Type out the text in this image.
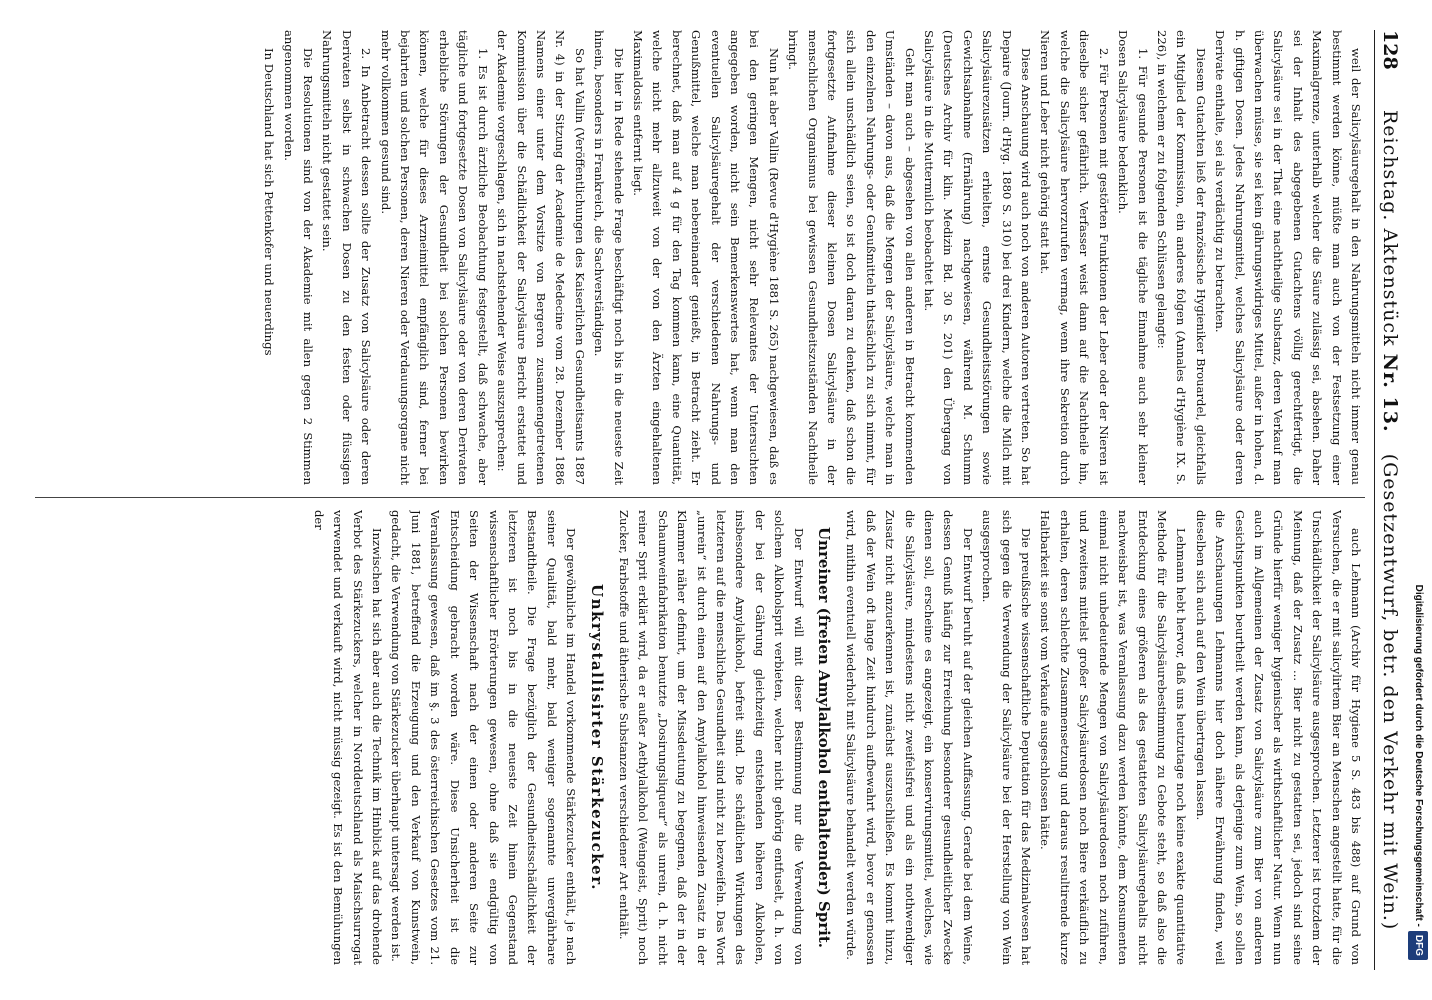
128
Reichstag. Aktenstück Nr. 13.   (Gesetzentwurf, betr. den Verkehr mit Wein.)

weil der Salicylsäuregehalt in den Nahrungsmitteln nicht immer genau bestimmt werden könne, müßte man auch von der Festsetzung einer Maximalgrenze, unterhalb welcher die Säure zulässig sei, absehen. Daher sei der Inhalt des abgegebenen Gutachtens völlig gerechtfertigt, die Salicylsäure sei in der That eine nachtheilige Substanz, deren Verkauf man überwachen müsse, sie sei kein gährungswidriges Mittel, außer in hohen, d. h. giftigen Dosen. Jedes Nahrungsmittel, welches Salicylsäure oder deren Derivate enthalte, sei als verdächtig zu betrachten.

Diesem Gutachten ließ der französische Hygieniker Brouardel, gleichfalls ein Mitglied der Kommission, ein anderes folgen (Annales d'Hygiène IX. S. 226), in welchem er zu folgenden Schlüssen gelangte:

1. Für gesunde Personen ist die tägliche Einnahme auch sehr kleiner Dosen Salicylsäure bedenklich.

2. Für Personen mit gestörten Funktionen der Leber oder der Nieren ist dieselbe sicher gefährlich. Verfasser weist dann auf die Nachtheile hin, welche die Salicylsäure hervorzurufen vermag, wenn ihre Sekretion durch Nieren und Leber nicht gehörig statt hat.

Diese Anschauung wird auch noch von anderen Autoren vertreten. So hat Depaire (Journ. d'Hyg. 1880 S. 310) bei drei Kindern, welche die Milch mit Salicylsäurezusätzen erhielten, ernste Gesundheitsstörungen sowie Gewichtsabnahme (Ernährung) nachgewiesen, während M. Schumm (Deutsches Archiv für klin. Medizin Bd. 30 S. 201) den Übergang von Salicylsäure in die Muttermilch beobachtet hat.

Geht man auch – abgesehen von allen anderen in Betracht kommenden Umständen – davon aus, daß die Mengen der Salicylsäure, welche man in den einzelnen Nahrungs- oder Genußmitteln thatsächlich zu sich nimmt, für sich allein unschädlich seien, so ist doch daran zu denken, daß schon die fortgesetzte Aufnahme dieser kleinen Dosen Salicylsäure in der menschlichen Organismus bei gewissen Gesundheitszuständen Nachtheile bringt.

Nun hat aber Vallin (Revue d'Hygiène 1881 S. 265) nachgewiesen, daß es bei den geringen Mengen, nicht sehr Relevantes der Untersuchten angegeben worden, nicht sein Bemerkenswertes hat, wenn man den eventuellen Salicylsäuregehalt der verschiedenen Nahrungs- und Genußmittel, welche man nebeneinander genießt, in Betracht zieht. Er berechnet, daß man auf 4 g für den Tag kommen kann, eine Quantität, welche nicht mehr allzuweit von der von den Ärzten eingehaltenen Maximaldosis entfernt liegt.

Die hier in Rede stehende Frage beschäftigt noch bis in die neueste Zeit hinein, besonders in Frankreich, die Sachverständigen.

So hat Vallin (Veröffentlichungen des Kaiserlichen Gesundheitsamts 1887 Nr. 4) in der Sitzung der Academie de Medecine vom 28. Dezember 1886 Namens einer unter dem Vorsitze von Bergeron zusammengetretenen Kommission über die Schädlichkeit der Salicylsäure Bericht erstattet und der Akademie vorgeschlagen, sich in nachstehender Weise auszusprechen:

1. Es ist durch ärztliche Beobachtung festgestellt, daß schwache, aber tägliche und fortgesetzte Dosen von Salicylsäure oder von deren Derivaten erhebliche Störungen der Gesundheit bei solchen Personen bewirken können, welche für dieses Arzneimittel empfänglich sind, ferner bei bejahrten und solchen Personen, deren Nieren oder Verdauungsorgane nicht mehr vollkommen gesund sind.

2. In Anbetracht dessen sollte der Zusatz von Salicylsäure oder deren Derivaten selbst in schwachen Dosen zu den festen oder flüssigen Nahrungsmitteln nicht gestattet sein.

Die Resolutionen sind von der Akademie mit allen gegen 2 Stimmen angenommen worden.

In Deutschland hat sich Pettenkofer und neuerdings

auch Lehmann (Archiv für Hygiene 5 S. 483 bis 488) auf Grund von Versuchen, die er mit salicylirtem Bier an Menschen angestellt hatte, für die Unschädlichkeit der Salicylsäure ausgesprochen. Letzterer ist trotzdem der Meinung, daß der Zusatz ... Bier nicht zu gestatten sei, jedoch sind seine Gründe hierfür weniger hygienischer als wirthschaftlicher Natur. Wenn nun auch im Allgemeinen der Zusatz von Salicylsäure zum Bier von anderen Gesichtspunkten beurtheilt werden kann, als derjenige zum Wein, so sollen die Anschauungen Lehmanns hier doch nähere Erwähnung finden, weil dieselben sich auch auf den Wein übertragen lassen.

Lehmann hebt hervor, daß uns heutzutage noch keine exakte quantitative Methode für die Salicylsäurebestimmung zu Gebote steht, so daß also die Entdeckung eines größeren als des gestatteten Salicylsäuregehalts nicht nachweisbar ist, was Veranlassung dazu werden könnte, dem Konsumenten einmal nicht unbedeutende Mengen von Salicylsäuredosen noch zuführen, und zweitens mittelst großer Salicylsäuredosen noch Biere verkäuflich zu erhalten, deren schlechte Zusammensetzung und daraus resultirende kurze Haltbarkeit sie sonst vom Verkaufe ausgeschlossen hätte.

Die preußische wissenschaftliche Deputation für das Medizinalwesen hat sich gegen die Verwendung der Salicylsäure bei der Herstellung von Wein ausgesprochen.

Der Entwurf beruht auf der gleichen Auffassung. Gerade bei dem Weine, dessen Genuß häufig zur Erreichung besonderer gesundheitlicher Zwecke dienen soll, erscheine es angezeigt, ein konservirungsmittel, welches, wie die Salicylsäure, mindestens nicht zweifelsfrei und als ein nothwendiger Zusatz nicht anzuerkennen ist, zunächst auszuschließen. Es kommt hinzu, daß der Wein oft lange Zeit hindurch aufbewahrt wird, bevor er genossen wird, mithin eventuell wiederholt mit Salicylsäure behandelt werden würde.

Unreiner (freien Amylalkohol enthaltender) Sprit.

Der Entwurf will mit dieser Bestimmung nur die Verwendung von solchem Alkoholsprit verbieten, welcher nicht gehörig entfuselt, d. h. von der bei der Gährung gleichzeitig entstehenden höheren Alkoholen, insbesondere Amylalkohol, befreit sind. Die schädlichen Wirkungen des letzteren auf die menschliche Gesundheit sind nicht zu bezweifeln. Das Wort „unrein“ ist durch einen auf den Amylalkohol hinweisenden Zusatz in der Klammer näher definirt, um der Missdeutung zu begegnen, daß der in der Schaumweinfabrikation benutzte „Dosirungsliqueur“ als unrein, d. h. nicht reiner Sprit erklärt wird, da er außer Aethylalkohol (Weingeist, Sprit) noch Zucker, Farbstoffe und ätherische Substanzen verschiedener Art enthält.

Unkrystallisirter Stärkezucker.

Der gewöhnliche im Handel vorkommende Stärkezucker enthält, je nach seiner Qualität, bald mehr, bald weniger sogenannte unvergährbare Bestandtheile. Die Frage bezüglich der Gesundheitsschädlichkeit der letzteren ist noch bis in die neueste Zeit hinein Gegenstand wissenschaftlicher Erörterungen gewesen, ohne daß sie endgültig von Seiten der Wissenschaft nach der einen oder anderen Seite zur Entscheidung gebracht worden wäre. Diese Unsicherheit ist die Veranlassung gewesen, daß im §. 3 des österreichischen Gesetzes vom 21. Juni 1881, betreffend die Erzeugung und den Verkauf von Kunstwein, gedacht, die Verwendung von Stärkezucker überhaupt untersagt werden ist.

Inzwischen hat sich aber auch die Technik im Hinblick auf das drohende Verbot des Stärkezuckers, welcher in Norddeutschland als Maischsurrogat verwendet und verkauft wird, nicht müssig gezeigt. Es ist den Bemühungen der

Digitalisierung gefördert durch die Deutsche Forschungsgemeinschaft -DFG
